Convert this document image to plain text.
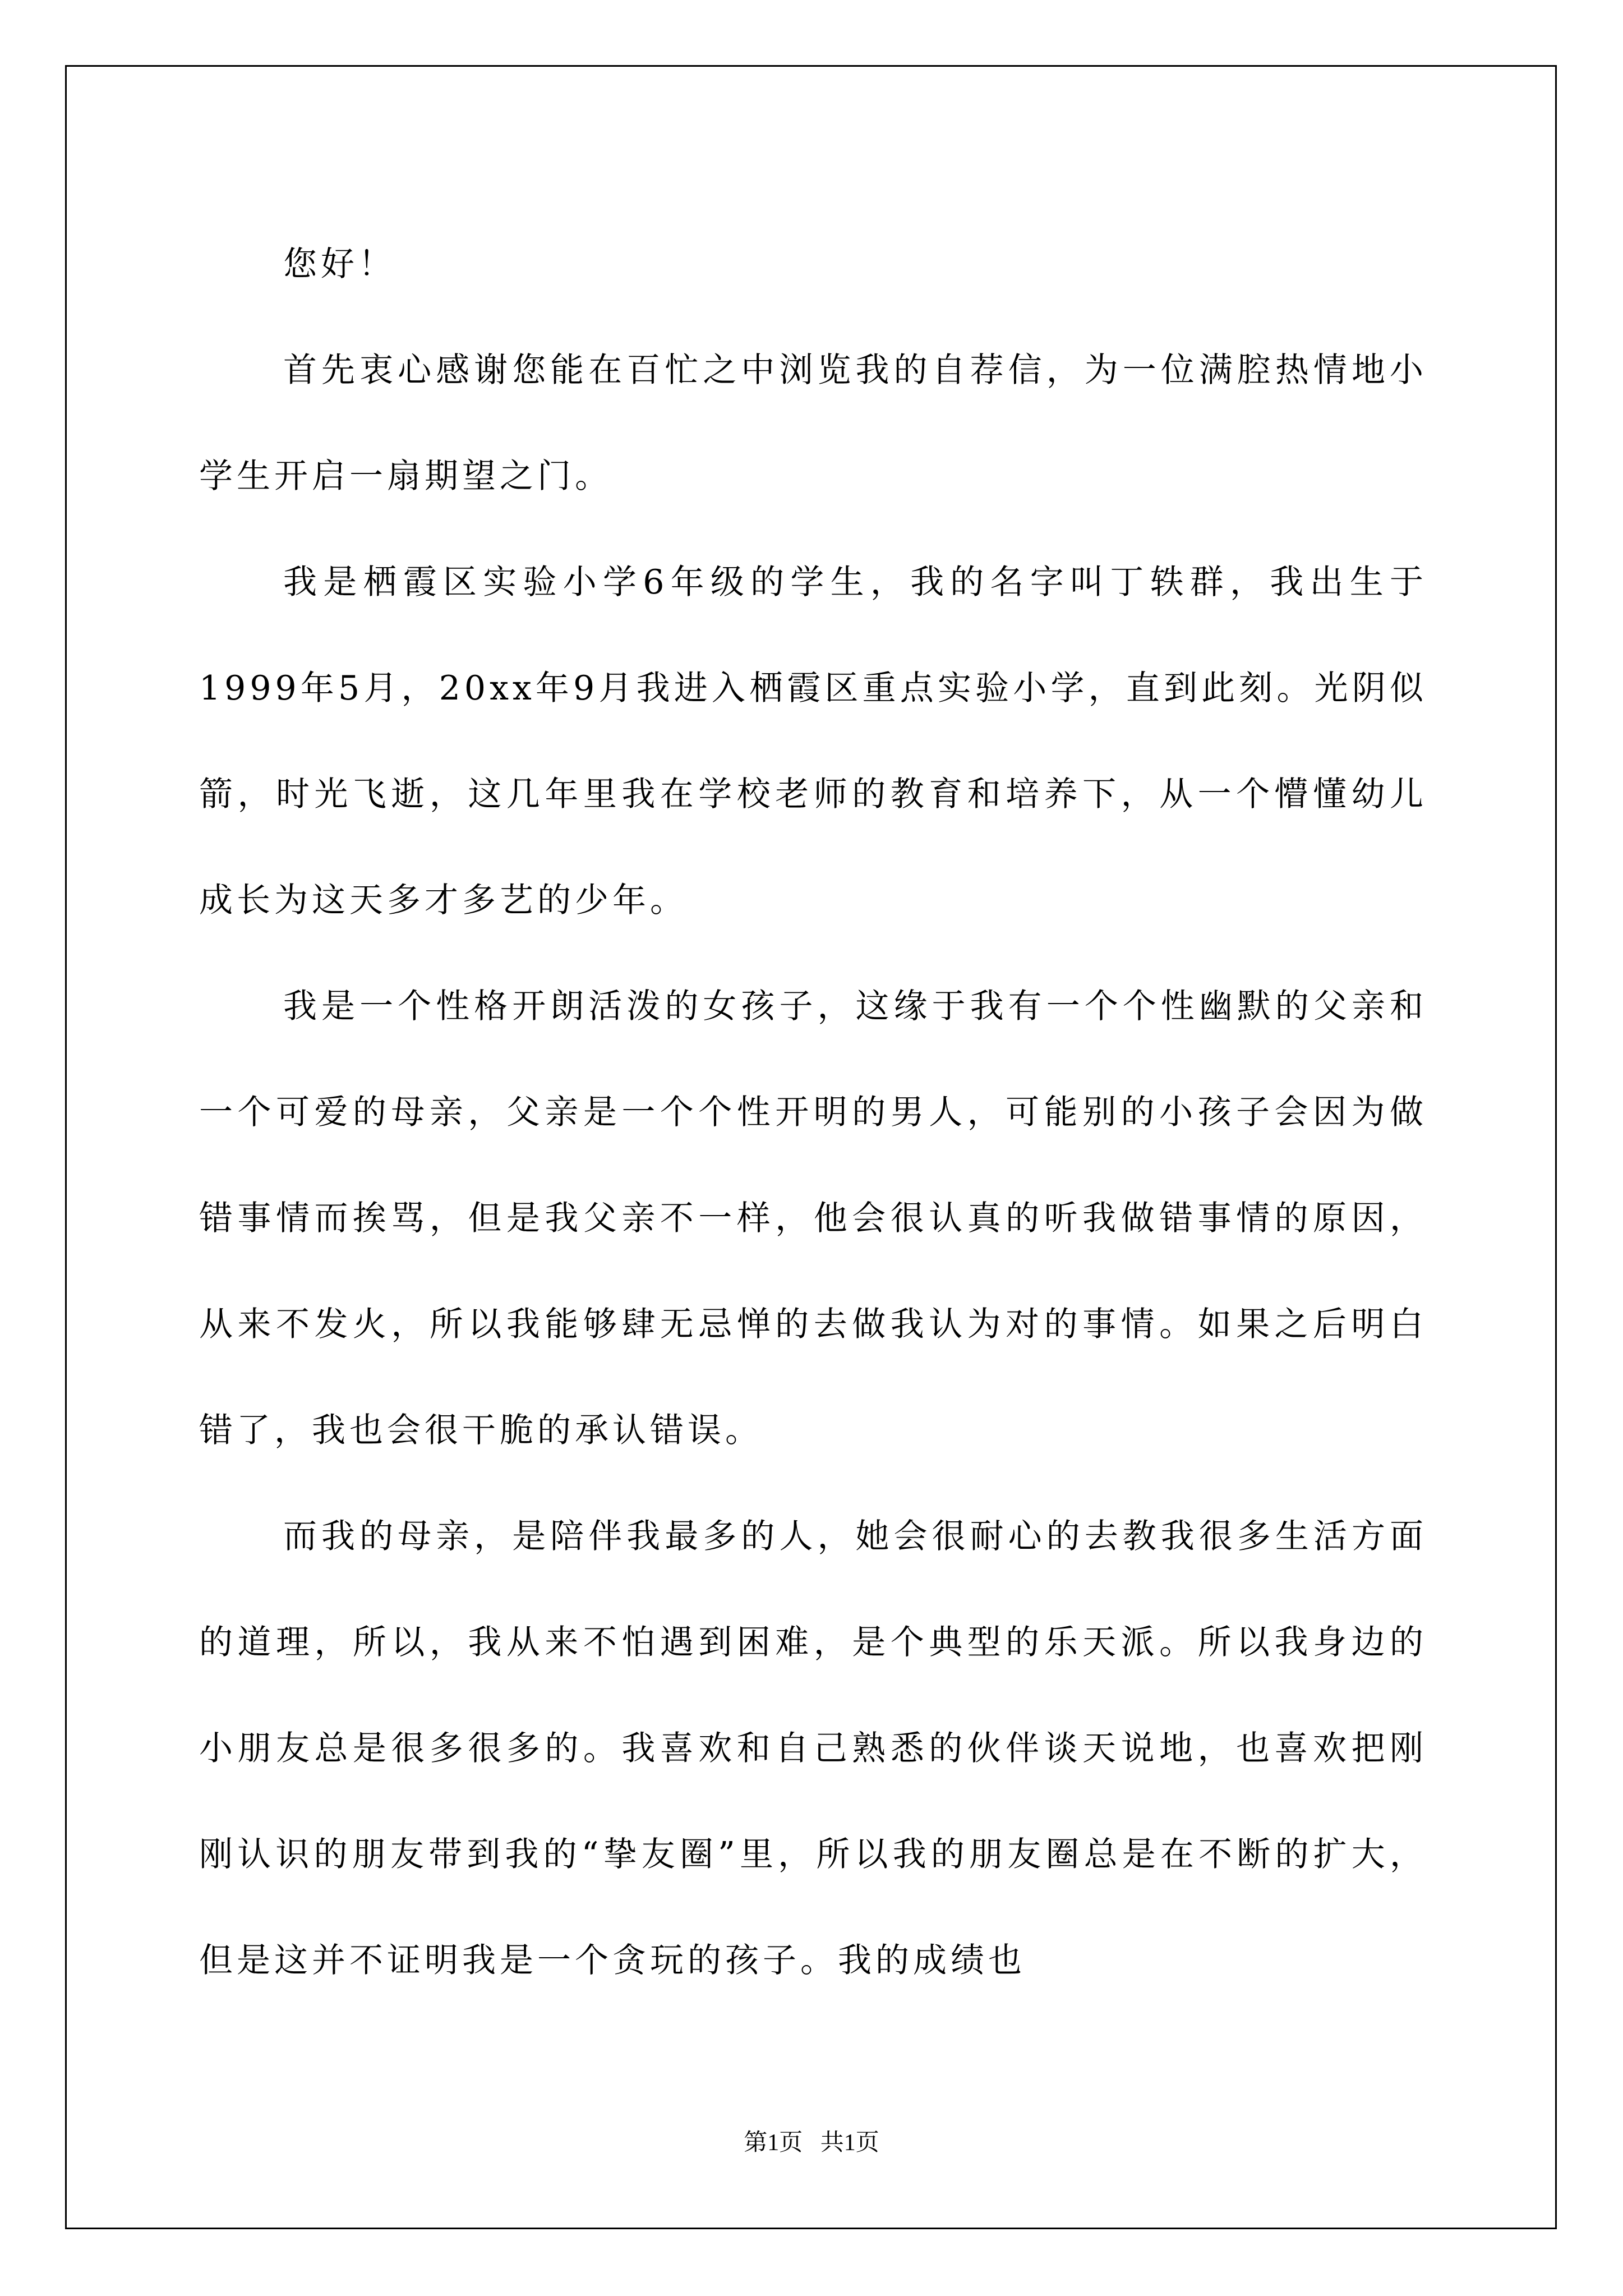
您好！

首先衷心感谢您能在百忙之中浏览我的自荐信，为一位满腔热情地小学生开启一扇期望之门。

我是栖霞区实验小学6年级的学生，我的名字叫丁轶群，我出生于1999年5月，20xx年9月我进入栖霞区重点实验小学，直到此刻。光阴似箭，时光飞逝，这几年里我在学校老师的教育和培养下，从一个懵懂幼儿成长为这天多才多艺的少年。

我是一个性格开朗活泼的女孩子，这缘于我有一个个性幽默的父亲和一个可爱的母亲，父亲是一个个性开明的男人，可能别的小孩子会因为做错事情而挨骂，但是我父亲不一样，他会很认真的听我做错事情的原因，从来不发火，所以我能够肆无忌惮的去做我认为对的事情。如果之后明白错了，我也会很干脆的承认错误。

而我的母亲，是陪伴我最多的人，她会很耐心的去教我很多生活方面的道理，所以，我从来不怕遇到困难，是个典型的乐天派。所以我身边的小朋友总是很多很多的。我喜欢和自己熟悉的伙伴谈天说地，也喜欢把刚刚认识的朋友带到我的“挚友圈”里，所以我的朋友圈总是在不断的扩大，但是这并不证明我是一个贪玩的孩子。我的成绩也

第1页   共1页
